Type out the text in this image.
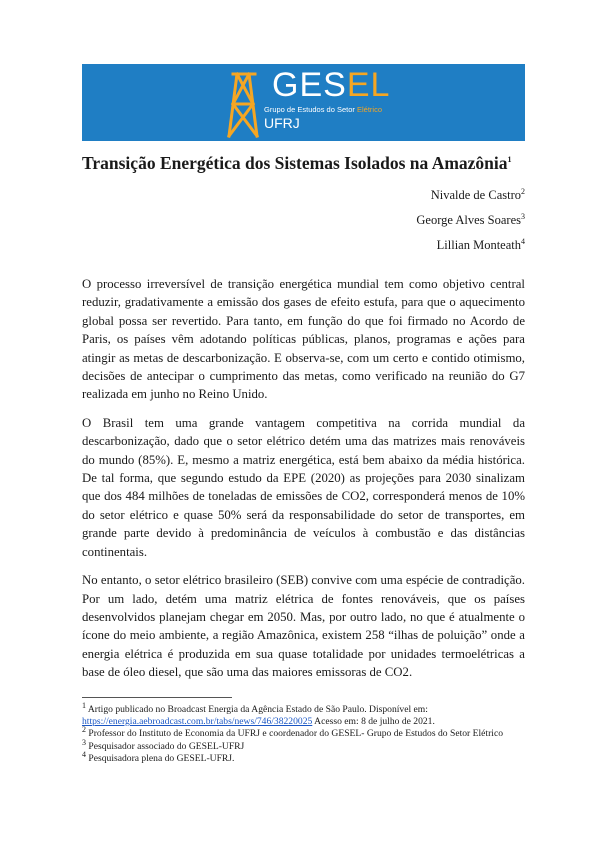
GESEL
Grupo de Estudos do Setor Elétrico
UFRJ
Transição Energética dos Sistemas Isolados na Amazônia$^1$
Nivalde de Castro$^2$
George Alves Soares$^3$
Lillian Monteath$^4$

O processo irreversível de transição energética mundial tem como objetivo central reduzir, gradativamente a emissão dos gases de efeito estufa, para que o aquecimento global possa ser revertido. Para tanto, em função do que foi firmado no Acordo de Paris, os países vêm adotando políticas públicas, planos, programas e ações para atingir as metas de descarbonização. E observa-se, com um certo e contido otimismo, decisões de antecipar o cumprimento das metas, como verificado na reunião do G7 realizada em junho no Reino Unido.

O Brasil tem uma grande vantagem competitiva na corrida mundial da descarbonização, dado que o setor elétrico detém uma das matrizes mais renováveis do mundo (85%). E, mesmo a matriz energética, está bem abaixo da média histórica. De tal forma, que segundo estudo da EPE (2020) as projeções para 2030 sinalizam que dos 484 milhões de toneladas de emissões de CO2, corresponderá menos de 10% do setor elétrico e quase 50% será da responsabilidade do setor de transportes, em grande parte devido à predominância de veículos à combustão e das distâncias continentais.

No entanto, o setor elétrico brasileiro (SEB) convive com uma espécie de contradição. Por um lado, detém uma matriz elétrica de fontes renováveis, que os países desenvolvidos planejam chegar em 2050. Mas, por outro lado, no que é atualmente o ícone do meio ambiente, a região Amazônica, existem 258 “ilhas de poluição” onde a energia elétrica é produzida em sua quase totalidade por unidades termoelétricas a base de óleo diesel, que são uma das maiores emissoras de CO2.

$^1$ Artigo publicado no Broadcast Energia da Agência Estado de São Paulo. Disponível em:
https://energia.aebroadcast.com.br/tabs/news/746/38220025 Acesso em: 8 de julho de 2021.

$^2$ Professor do Instituto de Economia da UFRJ e coordenador do GESEL- Grupo de Estudos do Setor Elétrico

$^3$ Pesquisador associado do GESEL-UFRJ

$^4$ Pesquisadora plena do GESEL-UFRJ.
